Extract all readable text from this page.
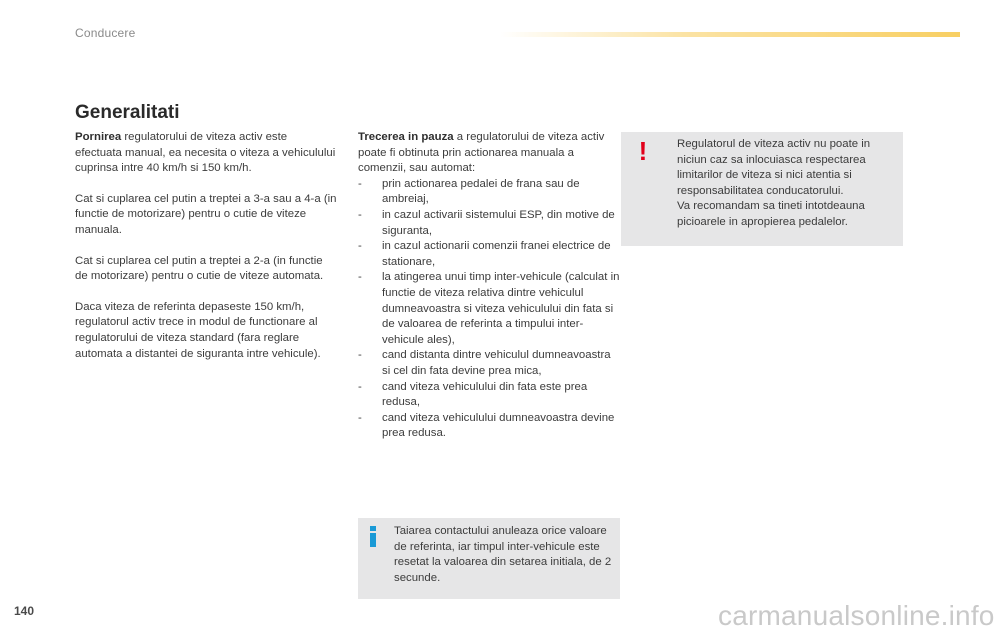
Conducere
Generalitati

Pornirea regulatorului de viteza activ este efectuata manual, ea necesita o viteza a vehiculului cuprinsa intre 40 km/h si 150 km/h.

Cat si cuplarea cel putin a treptei a 3-a sau a 4-a (in functie de motorizare) pentru o cutie de viteze manuala.

Cat si cuplarea cel putin a treptei a 2-a (in functie de motorizare) pentru o cutie de viteze automata.

Daca viteza de referinta depaseste 150 km/h, regulatorul activ trece in modul de functionare al regulatorului de viteza standard (fara reglare automata a distantei de siguranta intre vehicule).

Trecerea in pauza a regulatorului de viteza activ poate fi obtinuta prin actionarea manuala a comenzii, sau automat:
- prin actionarea pedalei de frana sau de ambreiaj,
- in cazul activarii sistemului ESP, din motive de siguranta,
- in cazul actionarii comenzii franei electrice de stationare,
- la atingerea unui timp inter-vehicule (calculat in functie de viteza relativa dintre vehiculul dumneavoastra si viteza vehiculului din fata si de valoarea de referinta a timpului inter-vehicule ales),
- cand distanta dintre vehiculul dumneavoastra si cel din fata devine prea mica,
- cand viteza vehiculului din fata este prea redusa,
- cand viteza vehiculului dumneavoastra devine prea redusa.
!	Regulatorul de viteza activ nu poate in niciun caz sa inlocuiasca respectarea limitarilor de viteza si nici atentia si responsabilitatea conducatorului.
Va recomandam sa tineti intotdeauna picioarele in apropierea pedalelor.
Taiarea contactului anuleaza orice valoare de referinta, iar timpul inter-vehicule este resetat la valoarea din setarea initiala, de 2 secunde.
140	carmanualsonline.info
